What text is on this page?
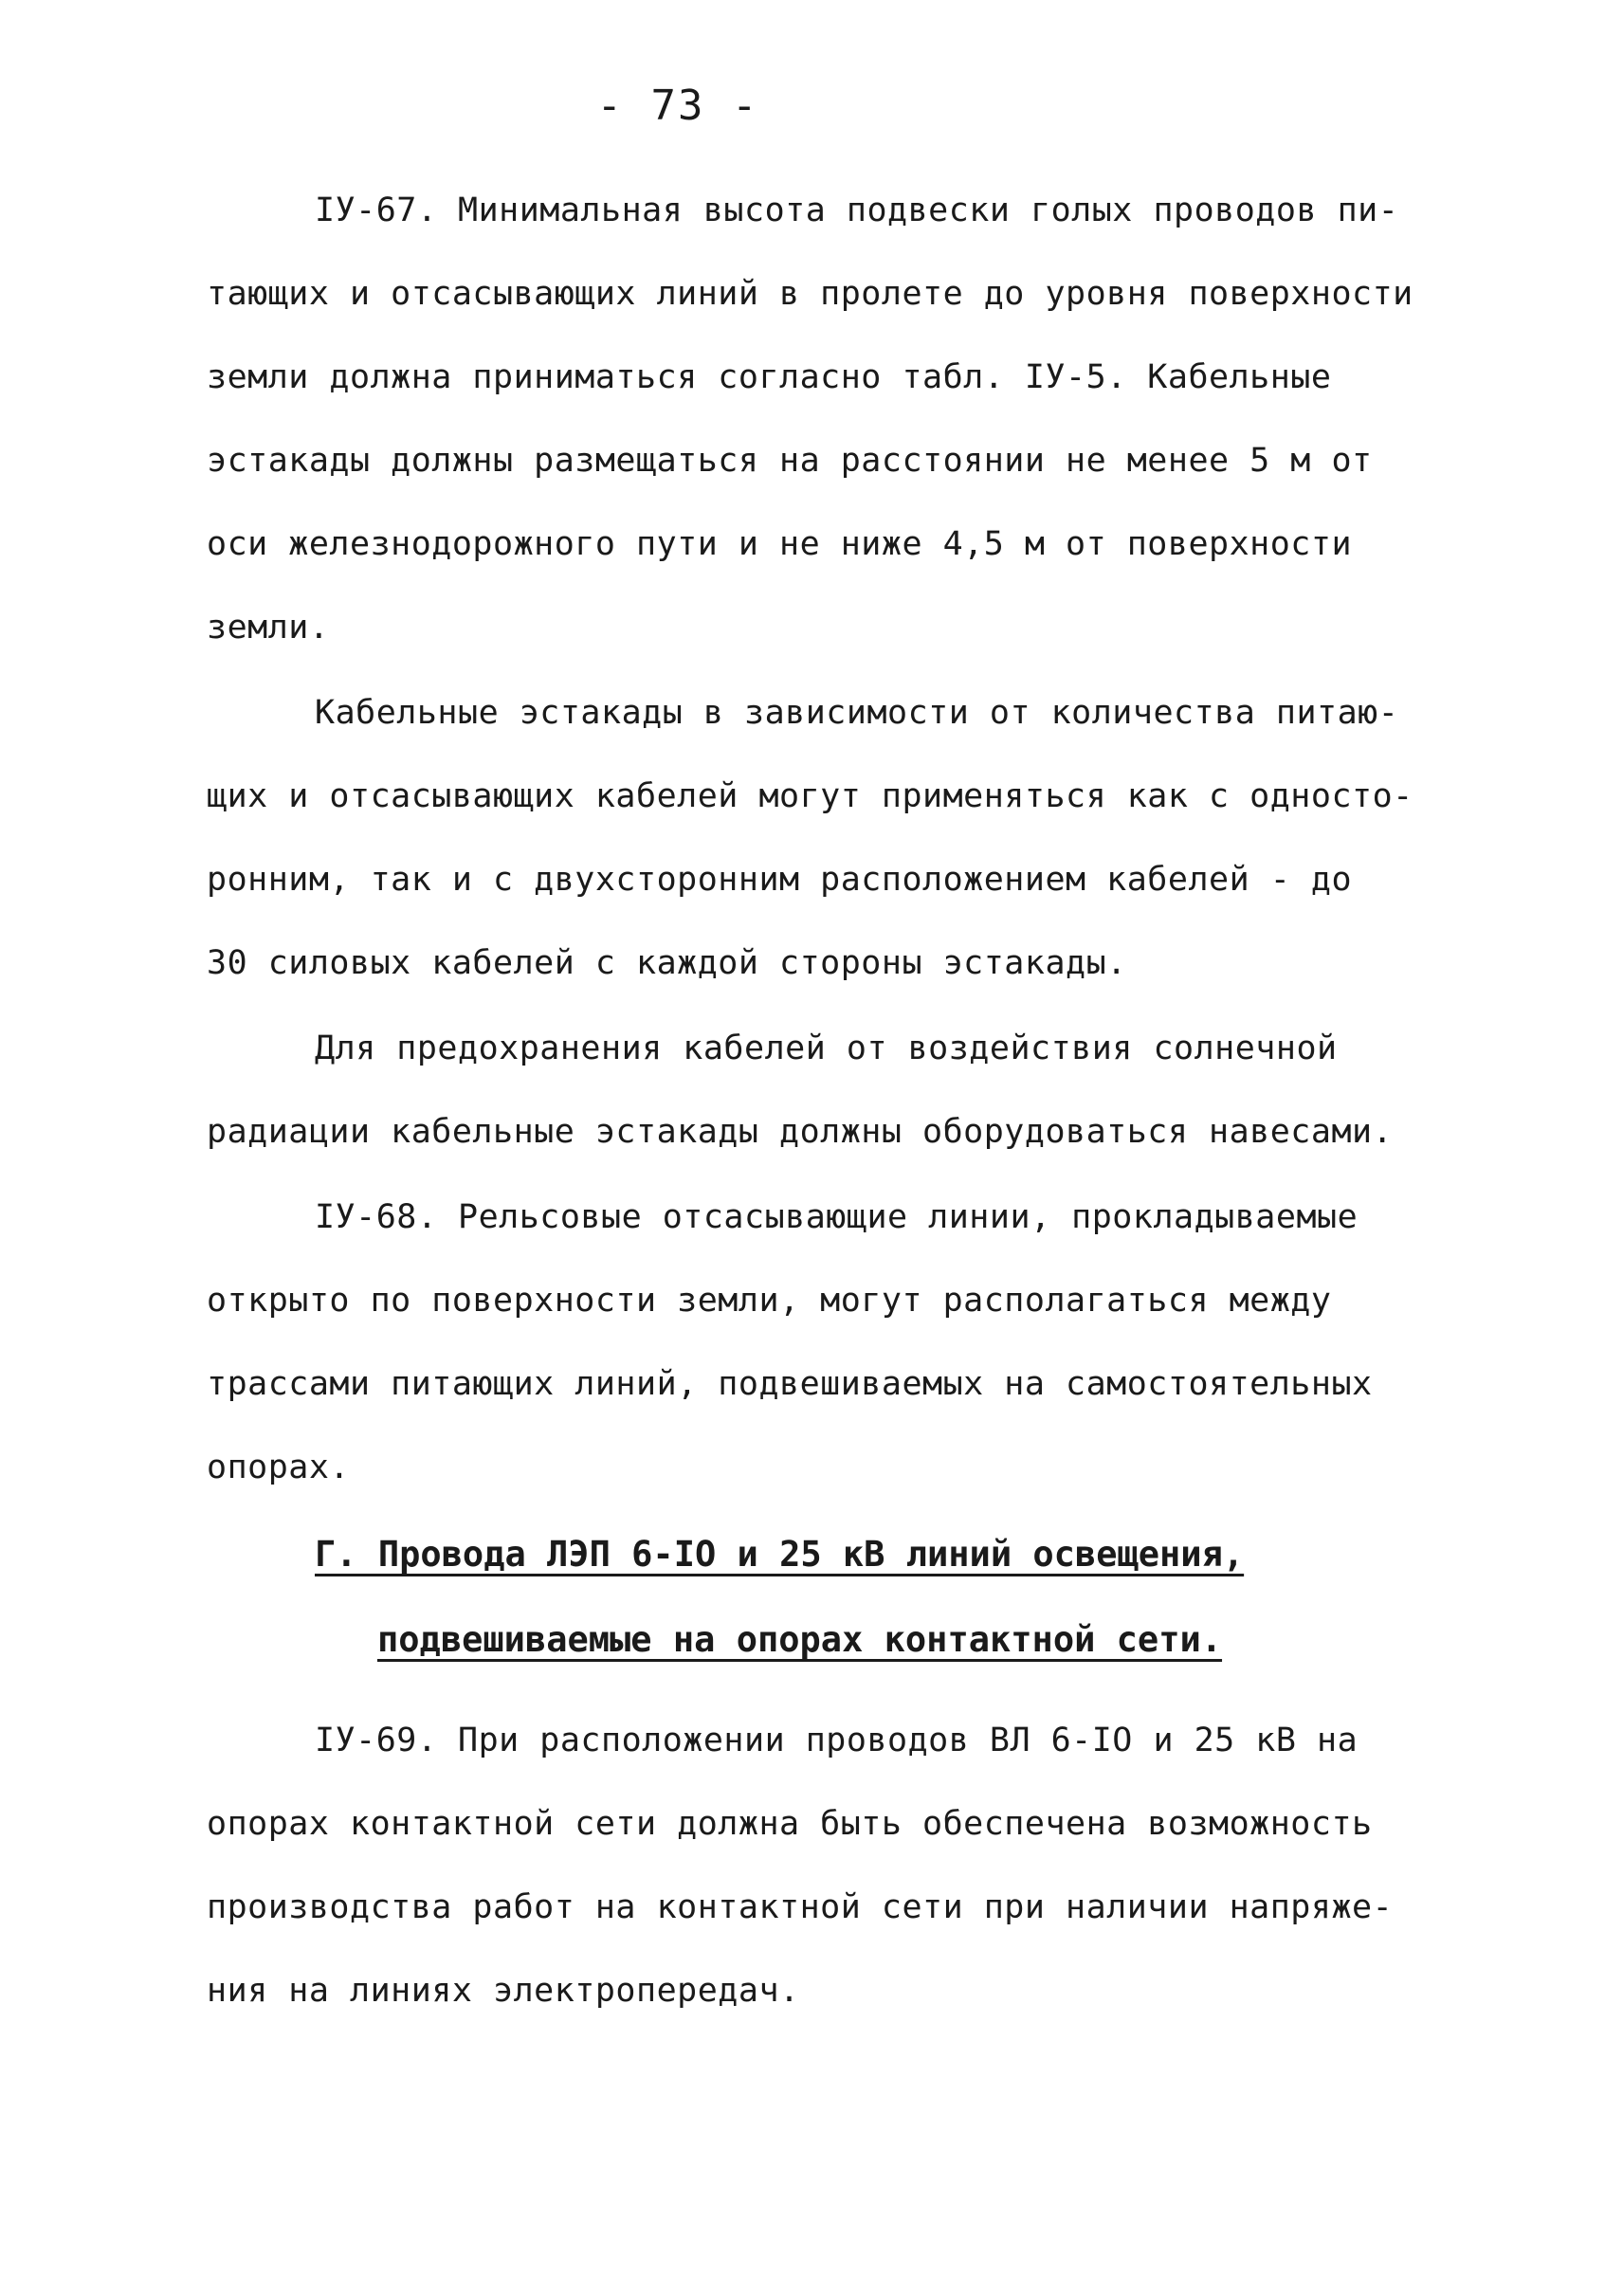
- 73 -
IУ-67. Минимальная высота подвески голых проводов пи-
тающих и отсасывающих линий в пролете до уровня поверхности
земли должна приниматься согласно табл. IУ-5. Кабельные
эстакады должны размещаться на расстоянии не менее 5 м от
оси железнодорожного пути и не ниже 4,5 м от поверхности
земли.
Кабельные эстакады в зависимости от количества питаю-
щих и отсасывающих кабелей могут применяться как с односто-
ронним, так и с двухсторонним расположением кабелей - до
30 силовых кабелей с каждой стороны эстакады.
Для предохранения кабелей от воздействия солнечной
радиации кабельные эстакады должны оборудоваться навесами.
IУ-68. Рельсовые отсасывающие линии, прокладываемые
открыто по поверхности земли, могут располагаться между
трассами питающих линий, подвешиваемых на самостоятельных
опорах.
Г. Провода ЛЭП 6-IO и 25 кВ линий освещения,
подвешиваемые на опорах контактной сети.
IУ-69. При расположении проводов ВЛ 6-IO и 25 кВ на
опорах контактной сети должна быть обеспечена возможность
производства работ на контактной сети при наличии напряже-
ния на линиях электропередач.
